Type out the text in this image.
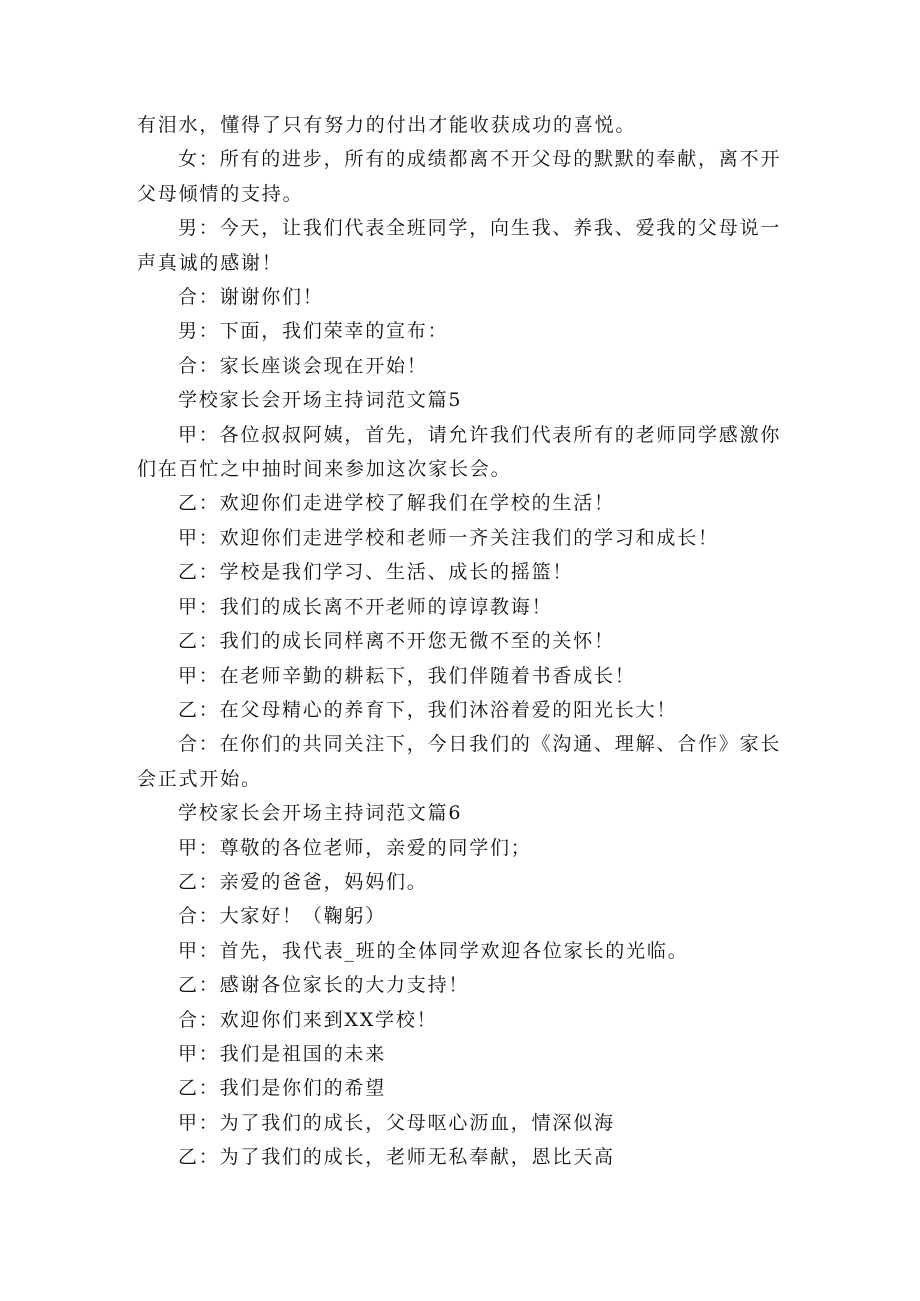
有泪水，懂得了只有努力的付出才能收获成功的喜悦。

女：所有的进步，所有的成绩都离不开父母的默默的奉献，离不开父母倾情的支持。

男：今天，让我们代表全班同学，向生我、养我、爱我的父母说一声真诚的感谢！

合：谢谢你们！

男：下面，我们荣幸的宣布：

合：家长座谈会现在开始！

学校家长会开场主持词范文篇5

甲：各位叔叔阿姨，首先，请允许我们代表所有的老师同学感激你们在百忙之中抽时间来参加这次家长会。

乙：欢迎你们走进学校了解我们在学校的生活！

甲：欢迎你们走进学校和老师一齐关注我们的学习和成长！

乙：学校是我们学习、生活、成长的摇篮！

甲：我们的成长离不开老师的谆谆教诲！

乙：我们的成长同样离不开您无微不至的关怀！

甲：在老师辛勤的耕耘下，我们伴随着书香成长！

乙：在父母精心的养育下，我们沐浴着爱的阳光长大！

合：在你们的共同关注下，今日我们的《沟通、理解、合作》家长会正式开始。

学校家长会开场主持词范文篇6

甲：尊敬的各位老师，亲爱的同学们；

乙：亲爱的爸爸，妈妈们。

合：大家好！（鞠躬）

甲：首先，我代表_班的全体同学欢迎各位家长的光临。

乙：感谢各位家长的大力支持！

合：欢迎你们来到XX学校！

甲：我们是祖国的未来

乙：我们是你们的希望

甲：为了我们的成长，父母呕心沥血，情深似海

乙：为了我们的成长，老师无私奉献，恩比天高
